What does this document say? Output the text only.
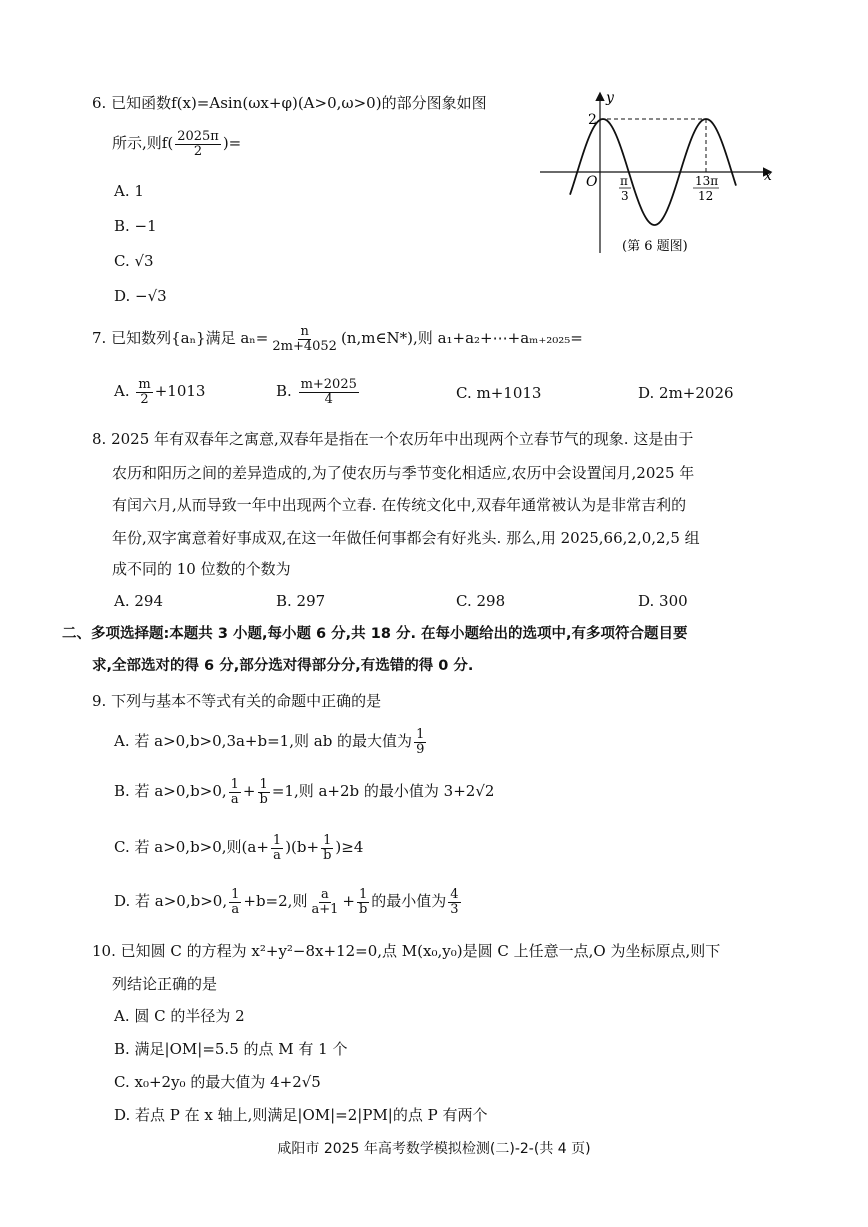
6. 已知函数f(x)=Asin(ωx+φ)(A>0,ω>0)的部分图象如图
所示,则$f( \frac{2025\pi}{2}$ )=
A. 1
B. −1
C. √3
D. −√3
y
x
O
2
π
3
13π
12
(第 6 题图)
7. 已知数列{aₙ}满足 $a_n= \frac{n}{2m+4052}$ (n,m∈N*),则 a₁+a₂+⋯+aₘ₊₂₀₂₅=
A. $\frac{m}{2} +1013$	B. $\frac{m+2025}{4}$	C. m+1013	D. 2m+2026
8. 2025 年有双春年之寓意,双春年是指在一个农历年中出现两个立春节气的现象. 这是由于
农历和阳历之间的差异造成的,为了使农历与季节变化相适应,农历中会设置闰月,2025 年
有闰六月,从而导致一年中出现两个立春. 在传统文化中,双春年通常被认为是非常吉利的
年份,双字寓意着好事成双,在这一年做任何事都会有好兆头. 那么,用 2025,66,2,0,2,5 组
成不同的 10 位数的个数为
A. 294	B. 297	C. 298	D. 300
二、多项选择题:本题共 3 小题,每小题 6 分,共 18 分. 在每小题给出的选项中,有多项符合题目要
求,全部选对的得 6 分,部分选对得部分分,有选错的得 0 分.
9. 下列与基本不等式有关的命题中正确的是
A. 若 a>0,b>0,3a+b=1,则 ab 的最大值为 $\frac{1}{9}$
B. 若 a>0,b>0, $\frac{1}{a} + \frac{1}{b} =1$,则 a+2b 的最小值为 3+2√2
C. 若 a>0,b>0,则$(a+ \frac{1}{a} )(b+ \frac{1}{b} )\ge 4$
D. 若 a>0,b>0, $\frac{1}{a} +b=2$,则 $\frac{a}{a+1} + \frac{1}{b}$ 的最小值为 $\frac{4}{3}$
10. 已知圆 C 的方程为 x²+y²−8x+12=0,点 M(x₀,y₀)是圆 C 上任意一点,O 为坐标原点,则下
列结论正确的是
A. 圆 C 的半径为 2
B. 满足|OM|=5.5 的点 M 有 1 个
C. x₀+2y₀ 的最大值为 4+2√5
D. 若点 P 在 x 轴上,则满足|OM|=2|PM|的点 P 有两个
咸阳市 2025 年高考数学模拟检测(二)-2-(共 4 页)
